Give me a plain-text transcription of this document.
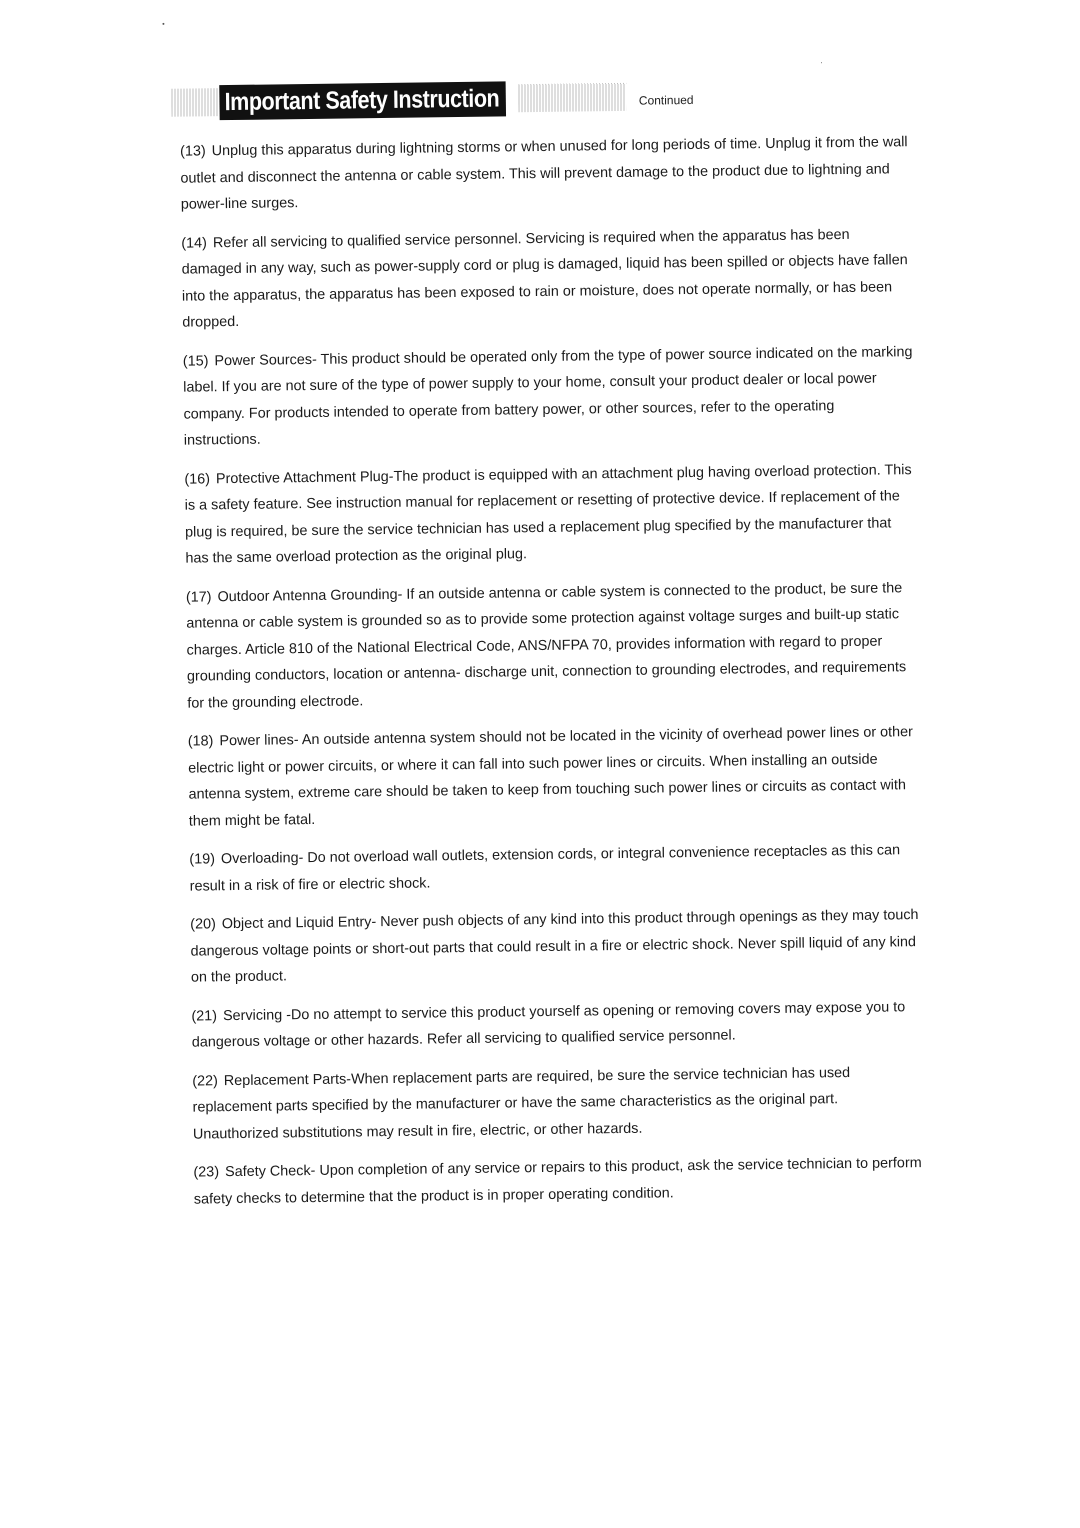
Important Safety Instruction	Continued
(13) Unplug this apparatus during lightning storms or when unused for long periods of time. Unplug it from the wall outlet and disconnect the antenna or cable system. This will prevent damage to the product due to lightning and power-line surges.
(14) Refer all servicing to qualified service personnel. Servicing is required when the apparatus has been damaged in any way, such as power-supply cord or plug is damaged, liquid has been spilled or objects have fallen into the apparatus, the apparatus has been exposed to rain or moisture, does not operate normally, or has been dropped.
(15) Power Sources- This product should be operated only from the type of power source indicated on the marking label. If you are not sure of the type of power supply to your home, consult your product dealer or local power company. For products intended to operate from battery power, or other sources, refer to the operating instructions.
(16) Protective Attachment Plug-The product is equipped with an attachment plug having overload protection. This is a safety feature. See instruction manual for replacement or resetting of protective device. If replacement of the plug is required, be sure the service technician has used a replacement plug specified by the manufacturer that has the same overload protection as the original plug.
(17) Outdoor Antenna Grounding- If an outside antenna or cable system is connected to the product, be sure the antenna or cable system is grounded so as to provide some protection against voltage surges and built-up static charges. Article 810 of the National Electrical Code, ANS/NFPA 70, provides information with regard to proper grounding conductors, location or antenna- discharge unit, connection to grounding electrodes, and requirements for the grounding electrode.
(18) Power lines- An outside antenna system should not be located in the vicinity of overhead power lines or other electric light or power circuits, or where it can fall into such power lines or circuits. When installing an outside antenna system, extreme care should be taken to keep from touching such power lines or circuits as contact with them might be fatal.
(19) Overloading- Do not overload wall outlets, extension cords, or integral convenience receptacles as this can result in a risk of fire or electric shock.
(20) Object and Liquid Entry- Never push objects of any kind into this product through openings as they may touch dangerous voltage points or short-out parts that could result in a fire or electric shock. Never spill liquid of any kind on the product.
(21) Servicing -Do no attempt to service this product yourself as opening or removing covers may expose you to dangerous voltage or other hazards. Refer all servicing to qualified service personnel.
(22) Replacement Parts-When replacement parts are required, be sure the service technician has used replacement parts specified by the manufacturer or have the same characteristics as the original part. Unauthorized substitutions may result in fire, electric, or other hazards.
(23) Safety Check- Upon completion of any service or repairs to this product, ask the service technician to perform safety checks to determine that the product is in proper operating condition.
